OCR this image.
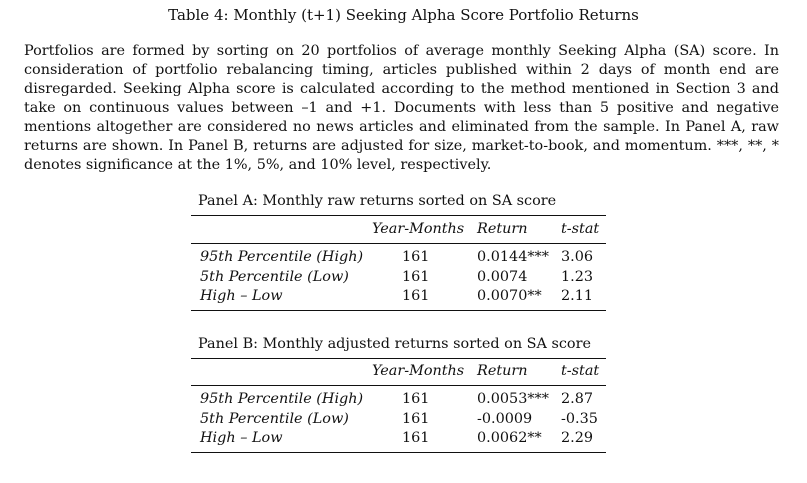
Table 4: Monthly (t+1) Seeking Alpha Score Portfolio Returns
Portfolios are formed by sorting on 20 portfolios of average monthly Seeking Alpha (SA) score. In consideration of portfolio rebalancing timing, articles published within 2 days of month end are disregarded. Seeking Alpha score is calculated according to the method mentioned in Section 3 and take on continuous values between –1 and +1. Documents with less than 5 positive and negative mentions altogether are considered no news articles and eliminated from the sample. In Panel A, raw returns are shown. In Panel B, returns are adjusted for size, market-to-book, and momentum. ***, **, * denotes significance at the 1%, 5%, and 10% level, respectively.
Panel A: Monthly raw returns sorted on SA score
Year-Months Return t-stat
95th Percentile (High)	161	0.0144*** 3.06
5th Percentile (Low)	161	0.0074 1.23
High – Low	161	0.0070** 2.11
Panel B: Monthly adjusted returns sorted on SA score
Year-Months Return t-stat
95th Percentile (High)	161	0.0053*** 2.87
5th Percentile (Low)	161	-0.0009 -0.35
High – Low	161	0.0062** 2.29
